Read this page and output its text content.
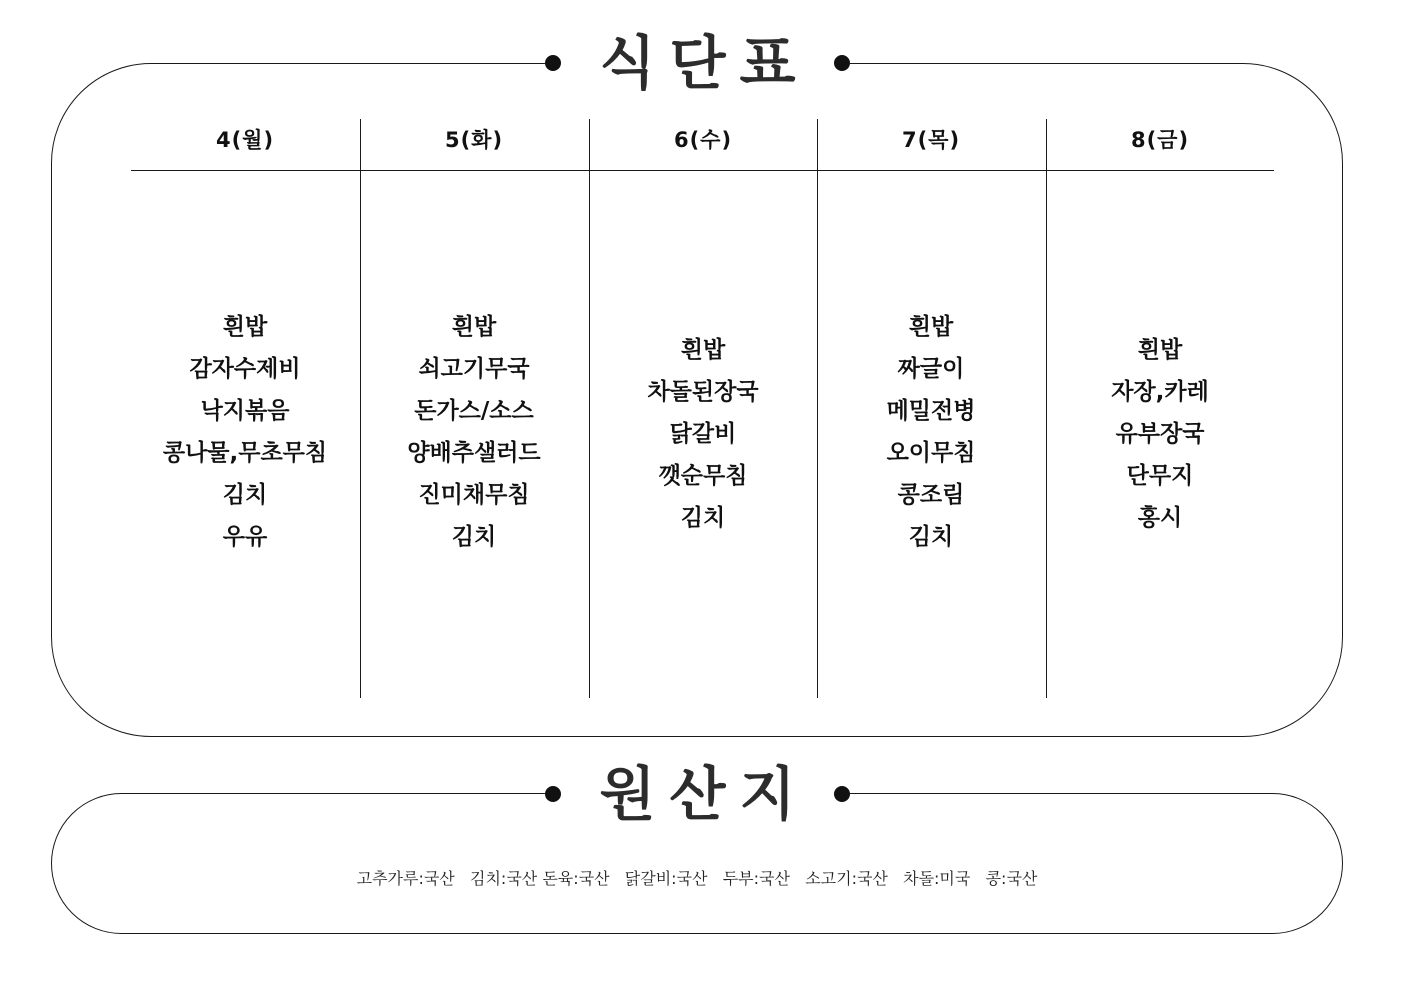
식단표
4(월)
흰밥
감자수제비
낙지볶음
콩나물,무초무침
김치
우유
5(화)
흰밥
쇠고기무국
돈가스/소스
양배추샐러드
진미채무침
김치
6(수)
흰밥
차돌된장국
닭갈비
깻순무침
김치
7(목)
흰밥
짜글이
메밀전병
오이무침
콩조림
김치
8(금)
흰밥
자장,카레
유부장국
단무지
홍시
원산지
고추가루:국산   김치:국산 돈육:국산   닭갈비:국산   두부:국산   소고기:국산   차돌:미국   콩:국산
